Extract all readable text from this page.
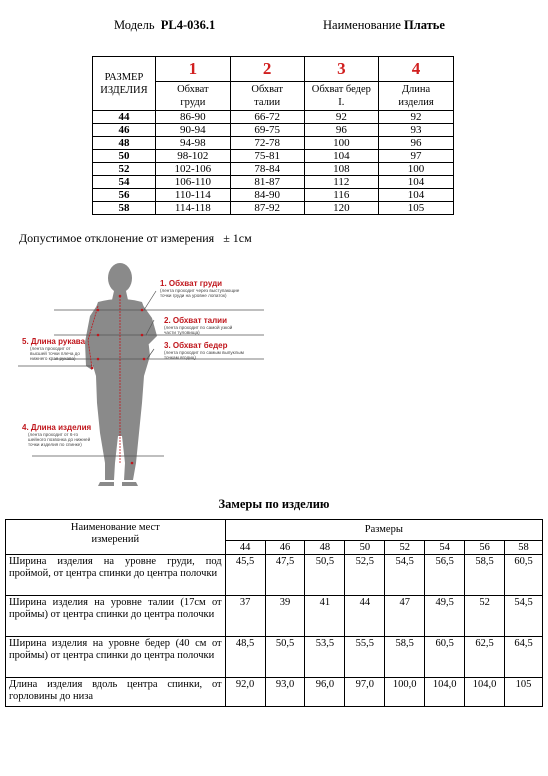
Модель PL4-036.1	Наименование Платье
РАЗМЕР ИЗДЕЛИЯ	1	2	3	4
	Обхват груди	Обхват талии	Обхват бедер I.	Длина изделия
44	86-90	66-72	92	92
46	90-94	69-75	96	93
48	94-98	72-78	100	96
50	98-102	75-81	104	97
52	102-106	78-84	108	100
54	106-110	81-87	112	104
56	110-114	84-90	116	104
58	114-118	87-92	120	105
Допустимое отклонение от измерения ± 1см
1. Обхват груди
(лента проходит через выступающие
точки груди на уровне лопаток)
2. Обхват талии
(лента проходит по самой узкой
части туловища)
3. Обхват бедер
(лента проходит по самым выпуклым
точкам ягодиц)
4. Длина изделия
(лента проходит от 6-го
шейного позвонка до нижней
точки изделия по спинке)
5. Длина рукава
(лента проходит от
высшей точки плеча до
нижнего края рукава)
Замеры по изделию
Наименование мест измерений	Размеры							
	44	46	48	50	52	54	56	58
Ширина изделия на уровне груди, под проймой, от центра спинки до центра полочки	45,5	47,5	50,5	52,5	54,5	56,5	58,5	60,5
Ширина изделия на уровне талии (17см от проймы) от центра спинки до центра полочки	37	39	41	44	47	49,5	52	54,5
Ширина изделия на уровне бедер (40 см от проймы) от центра спинки до центра полочки	48,5	50,5	53,5	55,5	58,5	60,5	62,5	64,5
Длина изделия вдоль центра спинки, от горловины до низа	92,0	93,0	96,0	97,0	100,0	104,0	104,0	105
